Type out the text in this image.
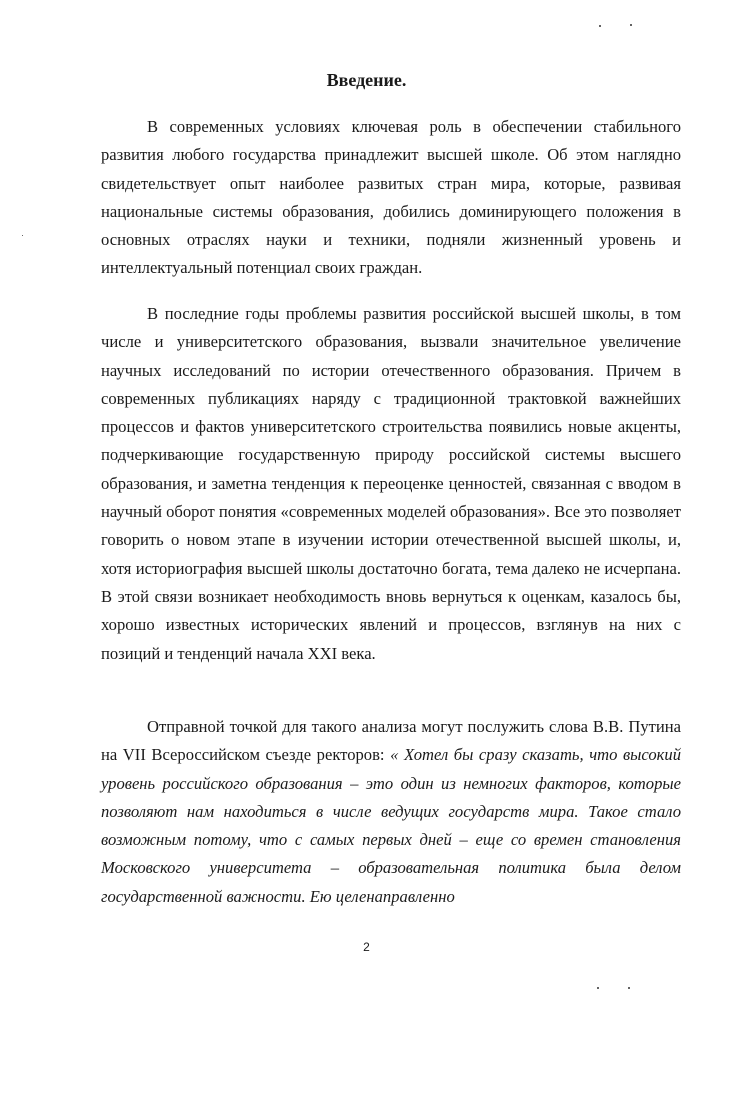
Введение.

В современных условиях ключевая роль в обеспечении стабильного развития любого государства принадлежит высшей школе. Об этом наглядно свидетельствует опыт наиболее развитых стран мира, которые, развивая национальные системы образования, добились доминирующего положения в основных отраслях науки и техники, подняли жизненный уровень и интеллектуальный потенциал своих граждан.

В последние годы проблемы развития российской высшей школы, в том числе и университетского образования, вызвали значительное увеличение научных исследований по истории отечественного образования. Причем в современных публикациях наряду с традиционной трактовкой важнейших процессов и фактов университетского строительства появились новые акценты, подчеркивающие государственную природу российской системы высшего образования, и заметна тенденция к переоценке ценностей, связанная с вводом в научный оборот понятия «современных моделей образования». Все это позволяет говорить о новом этапе в изучении истории отечественной высшей школы, и, хотя историография высшей школы достаточно богата, тема далеко не исчерпана. В этой связи возникает необходимость вновь вернуться к оценкам, казалось бы, хорошо известных исторических явлений и процессов, взглянув на них с позиций и тенденций начала XXI века.

Отправной точкой для такого анализа могут послужить слова В.В. Путина на VII Всероссийском съезде ректоров: « Хотел бы сразу сказать, что высокий уровень российского образования – это один из немногих факторов, которые позволяют нам находиться в числе ведущих государств мира. Такое стало возможным потому, что с самых первых дней – еще со времен становления Московского университета – образовательная политика была делом государственной важности. Ею целенаправленно

2
